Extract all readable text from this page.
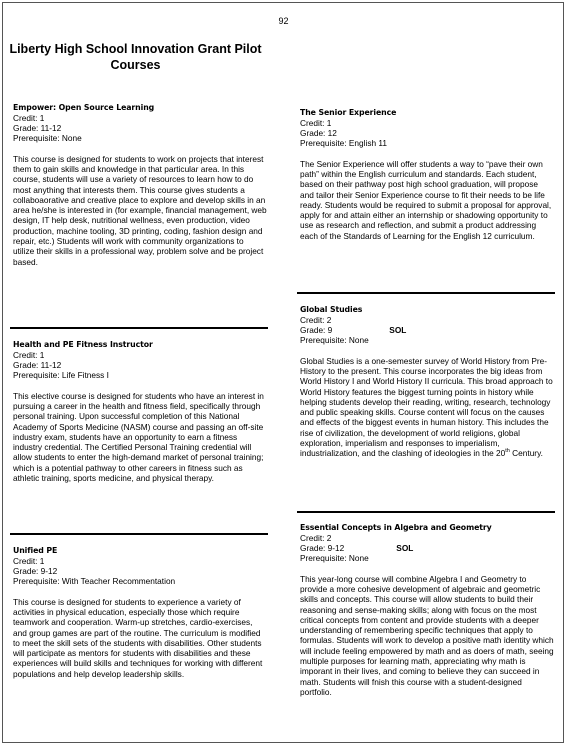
92
Liberty High School Innovation Grant Pilot Courses
Empower: Open Source Learning
Credit: 1
Grade: 11-12
Prerequisite: None
This course is designed for students to work on projects that interest them to gain skills and knowledge in that particular area. In this course, students will use a variety of resources to learn how to do most anything that interests them. This course gives students a collaboaorative and creative place to explore and develop skills in an area he/she is interested in (for example, financial management, web design, IT help desk, nutritional wellness, even production, video production, machine tooling, 3D printing, coding, fashion design and repair, etc.) Students will work with community organizations to utilize their skills in a professional way, problem solve and be project based.
Health and PE Fitness Instructor
Credit: 1
Grade: 11-12
Prerequisite: Life Fitness I
This elective course is designed for students who have an interest in pursuing a career in the health and fitness field, specifically through personal training. Upon successful completion of this National Academy of Sports Medicine (NASM) course and passing an off-site industry exam, students have an opportunity to earn a fitness industry credential. The Certified Personal Training credential will allow students to enter the high-demand market of personal training; which is a potential pathway to other careers in fitness such as athletic training, sports medicine, and physical therapy.
Unified PE
Credit: 1
Grade: 9-12
Prerequisite: With Teacher Recommentation
This course is designed for students to experience a variety of activities in physical education, especially those which require teamwork and cooperation. Warm-up stretches, cardio-exercises, and group games are part of the routine. The curriculum is modified to meet the skill sets of the students with disabilities. Other students will participate as mentors for students with disabilities and these experiences will build skills and techniques for working with different populations and help develop leadership skills.
The Senior Experience
Credit: 1
Grade: 12
Prerequisite: English 11
The Senior Experience will offer students a way to “pave their own path” within the English curriculum and standards. Each student, based on their pathway post high school graduation, will propose and tailor their Senior Experience course to fit their needs to be life ready. Students would be required to submit a proposal for approval, apply for and attain either an internship or shadowing opportunity to use as research and reflection, and submit a product addressing each of the Standards of Learning for the English 12 curriculum.
Global Studies
Credit: 2
Grade: 9	SOL
Prerequisite: None
Global Studies is a one-semester survey of World History from Pre-History to the present. This course incorporates the big ideas from World History I and World History II curricula. This broad approach to World History features the biggest turning points in history while helping students develop their reading, writing, research, technology and public speaking skills. Course content will focus on the causes and effects of the biggest events in human history. This includes the rise of civilization, the development of world religions, global exploration, imperialism and responses to imperialism, industrialization, and the clashing of ideologies in the 20th Century.
Essential Concepts in Algebra and Geometry
Credit: 2
Grade: 9-12	SOL
Prerequisite: None
This year-long course will combine Algebra I and Geometry to provide a more cohesive development of algebraic and geometric skills and concepts. This course will allow students to build their reasoning and sense-making skills; along with focus on the most critical concepts from content and provide students with a deeper understanding of remembering specific techniques that apply to formulas. Students will work to develop a positive math identity which will include feeling empowered by math and as doers of math, seeing multiple purposes for learning math, appreciating why math is imporant in their lives, and coming to believe they can succeed in math. Students will fnish this course with a student-designed portfolio.
